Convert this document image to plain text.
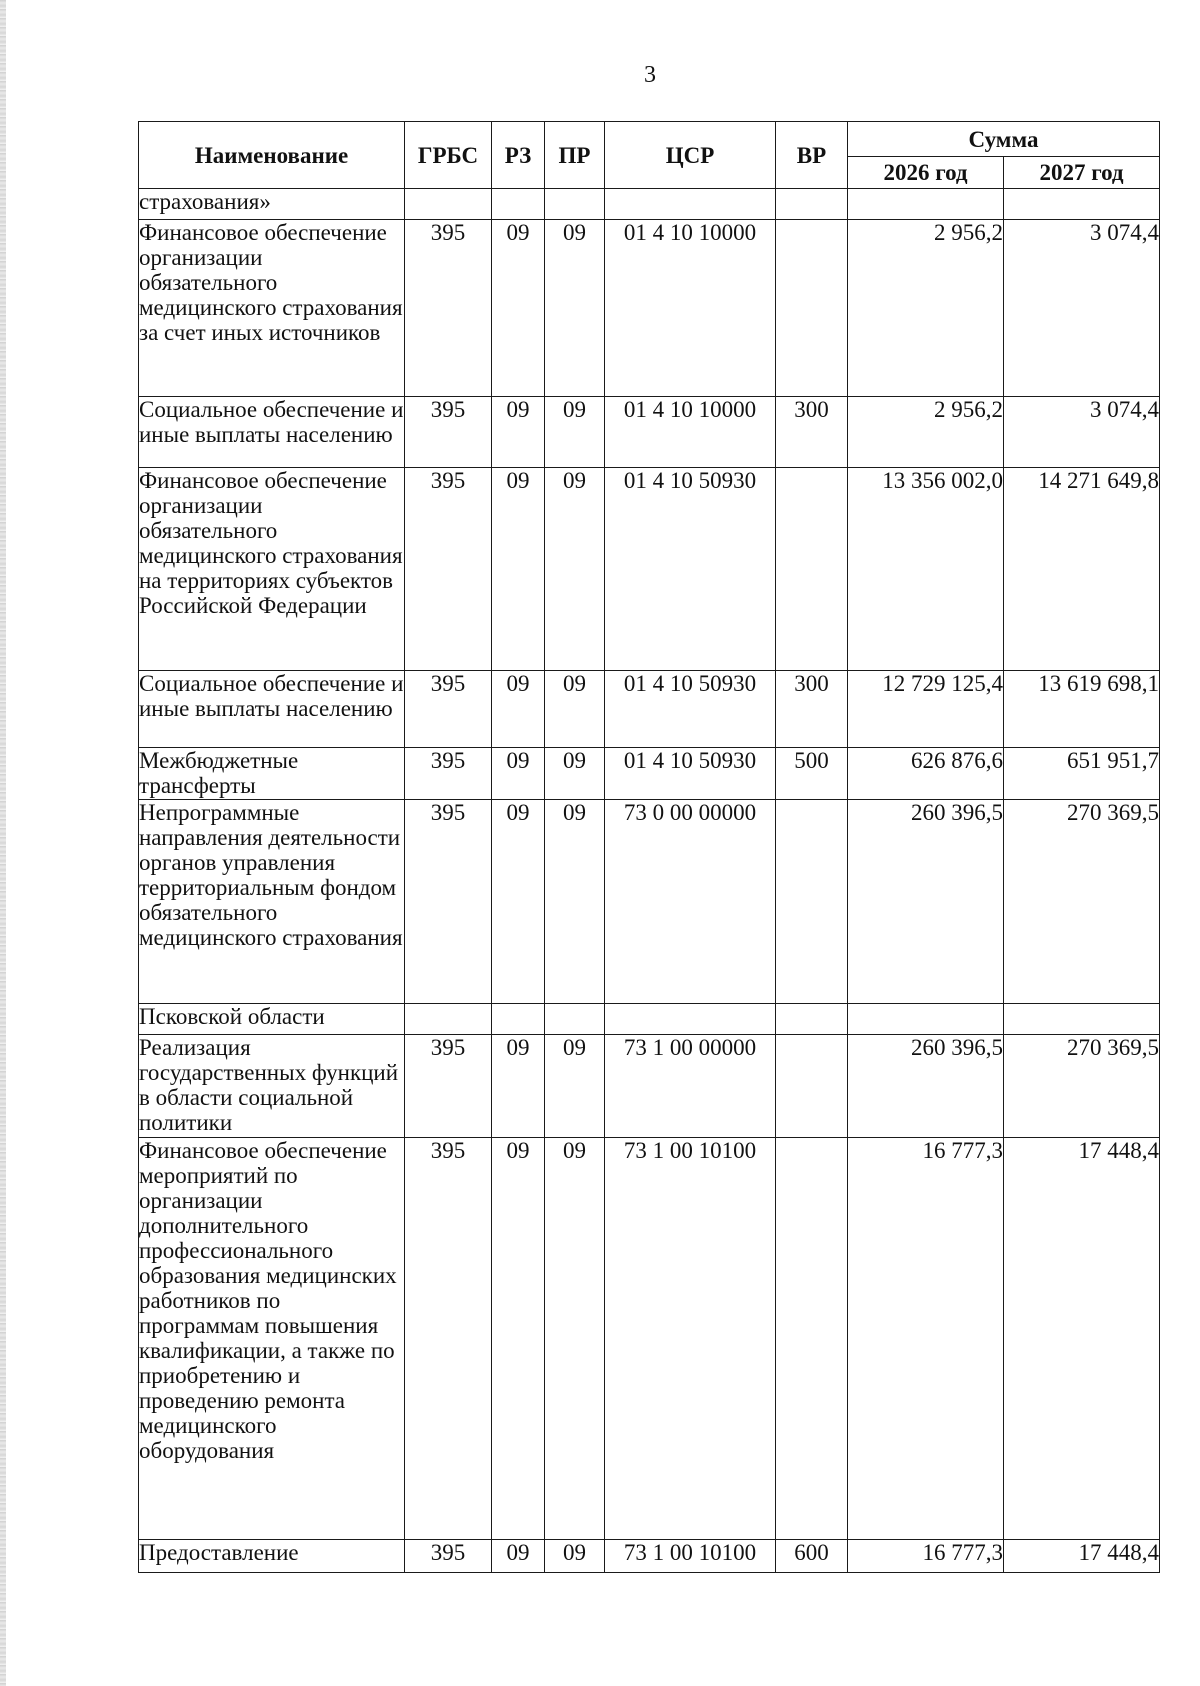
3
Наименование	ГРБС	РЗ	ПР	ЦСР	ВР	Сумма	
						2026 год	2027 год
страхования»							
Финансовое обеспечение организации обязательного медицинского страхования за счет иных источников	395	09	09	01 4 10 10000		2 956,2	3 074,4
Социальное обеспечение и иные выплаты населению	395	09	09	01 4 10 10000	300	2 956,2	3 074,4
Финансовое обеспечение организации обязательного медицинского страхования на территориях субъектов Российской Федерации	395	09	09	01 4 10 50930		13 356 002,0	14 271 649,8
Социальное обеспечение и иные выплаты населению	395	09	09	01 4 10 50930	300	12 729 125,4	13 619 698,1
Межбюджетные трансферты	395	09	09	01 4 10 50930	500	626 876,6	651 951,7
Непрограммные направления деятельности органов управления территориальным фондом обязательного медицинского страхования	395	09	09	73 0 00 00000		260 396,5	270 369,5
Псковской области							
Реализация государственных функций в области социальной политики	395	09	09	73 1 00 00000		260 396,5	270 369,5
Финансовое обеспечение мероприятий по организации дополнительного профессионального образования медицинских работников по программам повышения квалификации, а также по приобретению и проведению ремонта медицинского оборудования	395	09	09	73 1 00 10100		16 777,3	17 448,4
Предоставление	395	09	09	73 1 00 10100	600	16 777,3	17 448,4
